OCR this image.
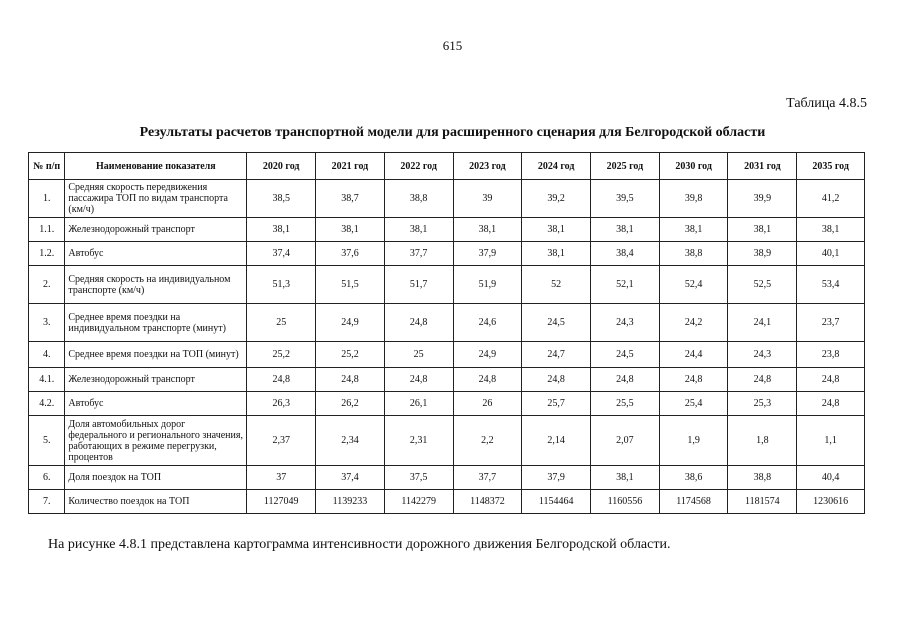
615
Таблица 4.8.5
Результаты расчетов транспортной модели для расширенного сценария для Белгородской области
№ п/п	Наименование показателя	2020 год	2021 год	2022 год	2023 год	2024 год	2025 год	2030 год	2031 год	2035 год
1.	Средняя скорость передвижения пассажира ТОП по видам транспорта (км/ч)	38,5	38,7	38,8	39	39,2	39,5	39,8	39,9	41,2
1.1.	Железнодорожный транспорт	38,1	38,1	38,1	38,1	38,1	38,1	38,1	38,1	38,1
1.2.	Автобус	37,4	37,6	37,7	37,9	38,1	38,4	38,8	38,9	40,1
2.	Средняя скорость на индивидуальном транспорте (км/ч)	51,3	51,5	51,7	51,9	52	52,1	52,4	52,5	53,4
3.	Среднее время поездки на индивидуальном транспорте (минут)	25	24,9	24,8	24,6	24,5	24,3	24,2	24,1	23,7
4.	Среднее время поездки на ТОП (минут)	25,2	25,2	25	24,9	24,7	24,5	24,4	24,3	23,8
4.1.	Железнодорожный транспорт	24,8	24,8	24,8	24,8	24,8	24,8	24,8	24,8	24,8
4.2.	Автобус	26,3	26,2	26,1	26	25,7	25,5	25,4	25,3	24,8
5.	Доля автомобильных дорог федерального и регионального значения, работающих в режиме перегрузки, процентов	2,37	2,34	2,31	2,2	2,14	2,07	1,9	1,8	1,1
6.	Доля поездок на ТОП	37	37,4	37,5	37,7	37,9	38,1	38,6	38,8	40,4
7.	Количество поездок на ТОП	1127049	1139233	1142279	1148372	1154464	1160556	1174568	1181574	1230616
На рисунке 4.8.1 представлена картограмма интенсивности дорожного движения Белгородской области.
